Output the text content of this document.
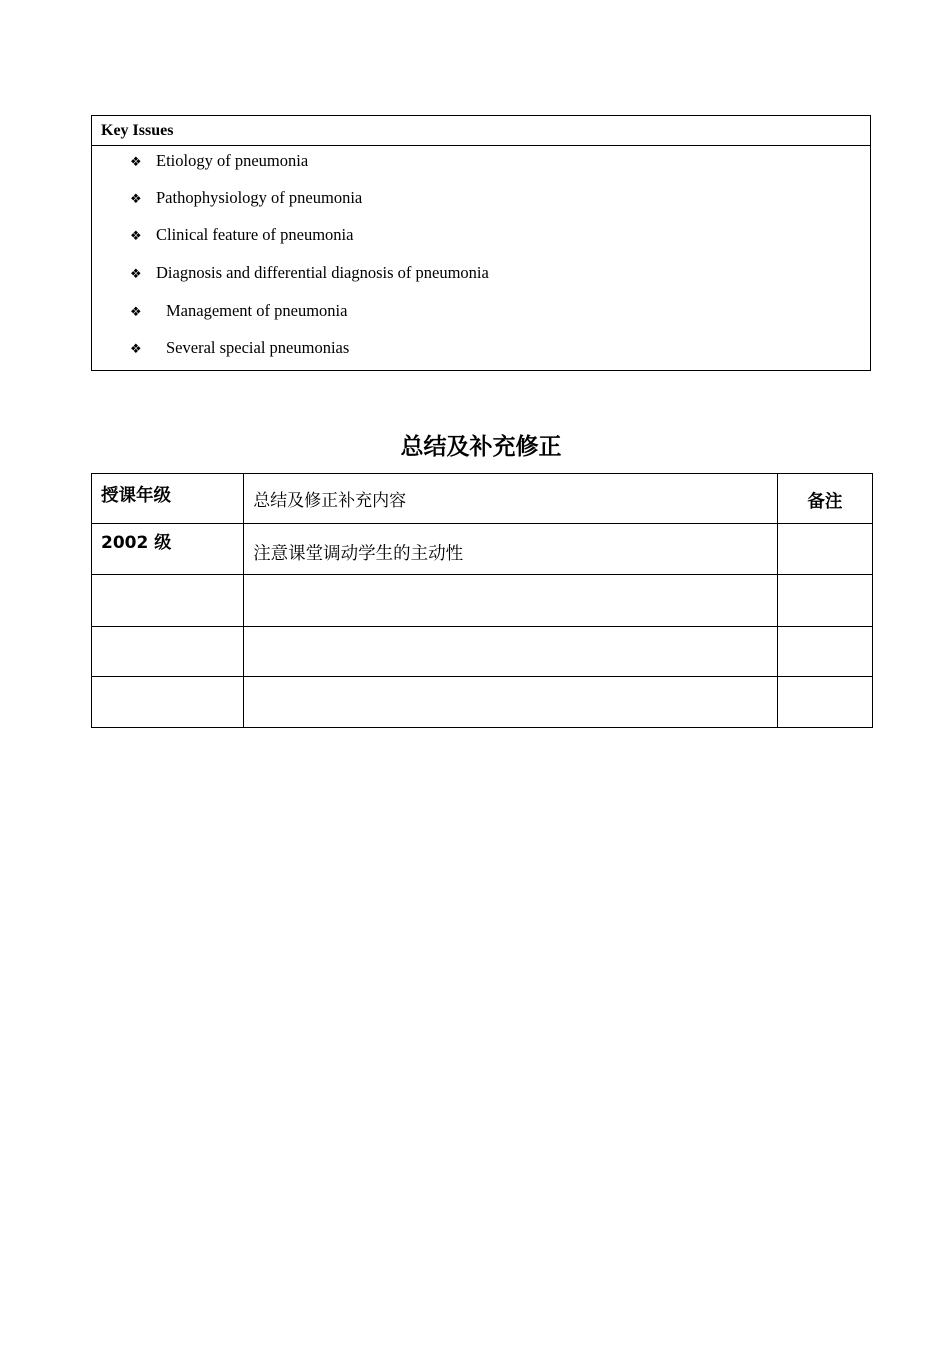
Key Issues
❖ Etiology of pneumonia
❖ Pathophysiology of pneumonia
❖ Clinical feature of pneumonia
❖ Diagnosis and differential diagnosis of pneumonia
❖ Management of pneumonia
❖ Several special pneumonias
总结及补充修正
授课年级	总结及修正补充内容	备注
2002 级	注意课堂调动学生的主动性	
